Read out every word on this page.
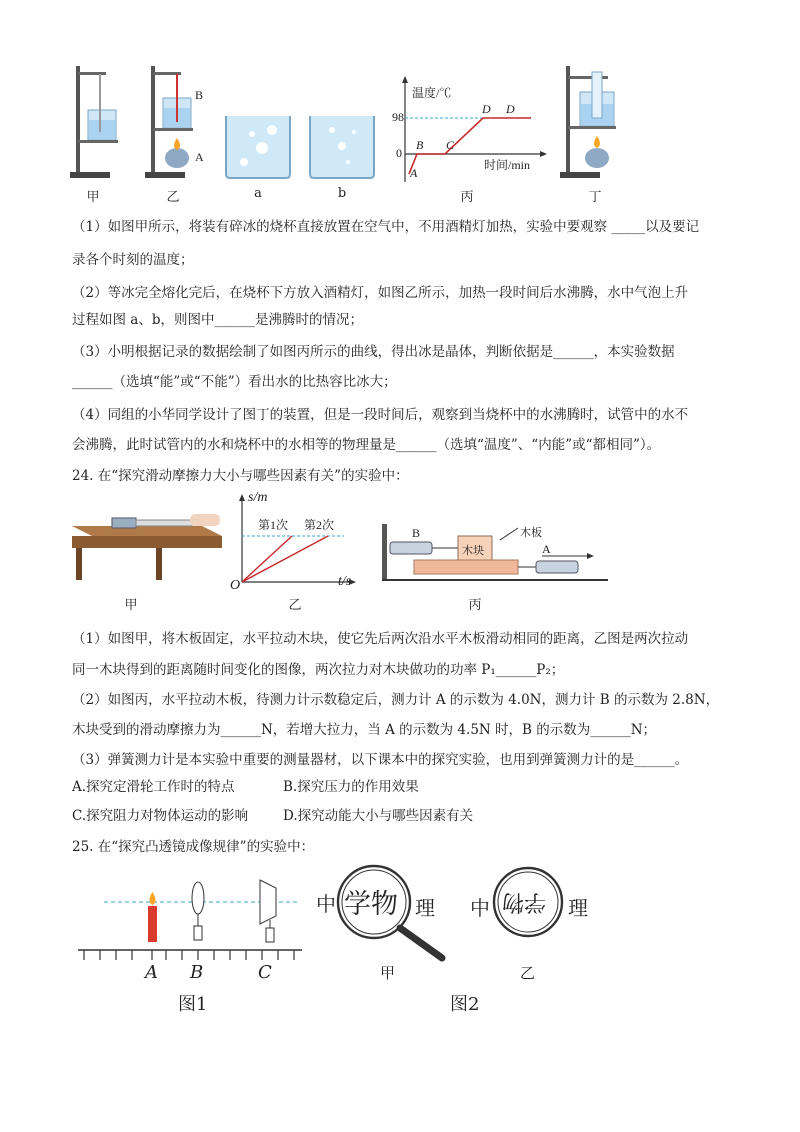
甲
B
A
乙	a	b
温度/℃
98
0
A
B C
D D
时间/min
丙	丁
（1）如图甲所示，将装有碎冰的烧杯直接放置在空气中，不用酒精灯加热，实验中要观察 _____以及要记
录各个时刻的温度；
（2）等冰完全熔化完后，在烧杯下方放入酒精灯，如图乙所示，加热一段时间后水沸腾，水中气泡上升
过程如图 a、b，则图中______是沸腾时的情况；
（3）小明根据记录的数据绘制了如图丙所示的曲线，得出冰是晶体，判断依据是______，本实验数据
______（选填“能”或“不能”）看出水的比热容比冰大；
（4）同组的小华同学设计了图丁的装置，但是一段时间后，观察到当烧杯中的水沸腾时，试管中的水不
会沸腾，此时试管内的水和烧杯中的水相等的物理量是______（选填“温度”、“内能”或“都相同”）。
24. 在“探究滑动摩擦力大小与哪些因素有关”的实验中：
甲
s/m
第1次 第2次
O	t/s
乙
B
木块
木板
A
丙
（1）如图甲，将木板固定，水平拉动木块，使它先后两次沿水平木板滑动相同的距离，乙图是两次拉动
同一木块得到的距离随时间变化的图像，两次拉力对木块做功的功率 P₁______P₂；
（2）如图丙，水平拉动木板，待测力计示数稳定后，测力计 A 的示数为 4.0N，测力计 B 的示数为 2.8N，
木块受到的滑动摩擦力为______N，若增大拉力，当 A 的示数为 4.5N 时，B 的示数为______N；
（3）弹簧测力计是本实验中重要的测量器材，以下课本中的探究实验，也用到弹簧测力计的是______。
A.探究定滑轮工作时的特点	B.探究压力的作用效果
C.探究阻力对物体运动的影响	D.探究动能大小与哪些因素有关
25. 在“探究凸透镜成像规律”的实验中：
A B	C
图1
中 学物 理
甲
中 学物 理
乙
图2
